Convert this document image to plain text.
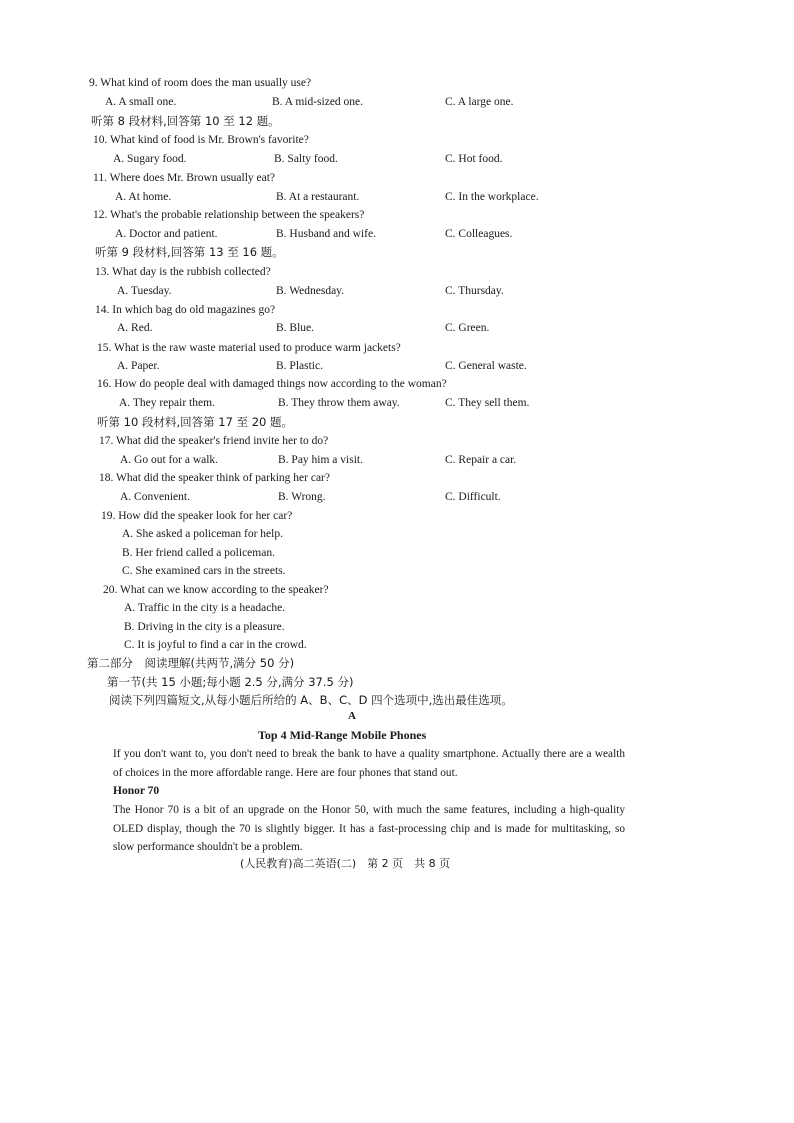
9. What kind of room does the man usually use?
A. A small one.	B. A mid-sized one.	C. A large one.
听第 8 段材料,回答第 10 至 12 题。
10. What kind of food is Mr. Brown's favorite?
A. Sugary food.	B. Salty food.	C. Hot food.
11. Where does Mr. Brown usually eat?
A. At home.	B. At a restaurant.	C. In the workplace.
12. What's the probable relationship between the speakers?
A. Doctor and patient.	B. Husband and wife.	C. Colleagues.
听第 9 段材料,回答第 13 至 16 题。
13. What day is the rubbish collected?
A. Tuesday.	B. Wednesday.	C. Thursday.
14. In which bag do old magazines go?
A. Red.	B. Blue.	C. Green.
15. What is the raw waste material used to produce warm jackets?
A. Paper.	B. Plastic.	C. General waste.
16. How do people deal with damaged things now according to the woman?
A. They repair them.	B. They throw them away.	C. They sell them.
听第 10 段材料,回答第 17 至 20 题。
17. What did the speaker's friend invite her to do?
A. Go out for a walk.	B. Pay him a visit.	C. Repair a car.
18. What did the speaker think of parking her car?
A. Convenient.	B. Wrong.	C. Difficult.
19. How did the speaker look for her car?
A. She asked a policeman for help.
B. Her friend called a policeman.
C. She examined cars in the streets.
20. What can we know according to the speaker?
A. Traffic in the city is a headache.
B. Driving in the city is a pleasure.
C. It is joyful to find a car in the crowd.
第二部分　阅读理解(共两节,满分 50 分)
第一节(共 15 小题;每小题 2.5 分,满分 37.5 分)
阅读下列四篇短文,从每小题后所给的 A、B、C、D 四个选项中,选出最佳选项。
A
Top 4 Mid-Range Mobile Phones
If you don't want to, you don't need to break the bank to have a quality smartphone. Actually there are a wealth of choices in the more affordable range. Here are four phones that stand out.
Honor 70
The Honor 70 is a bit of an upgrade on the Honor 50, with much the same features, including a high-quality OLED display, though the 70 is slightly bigger. It has a fast-processing chip and is made for multitasking, so slow performance shouldn't be a problem.
(人民教育)高二英语(二)　第 2 页　共 8 页
